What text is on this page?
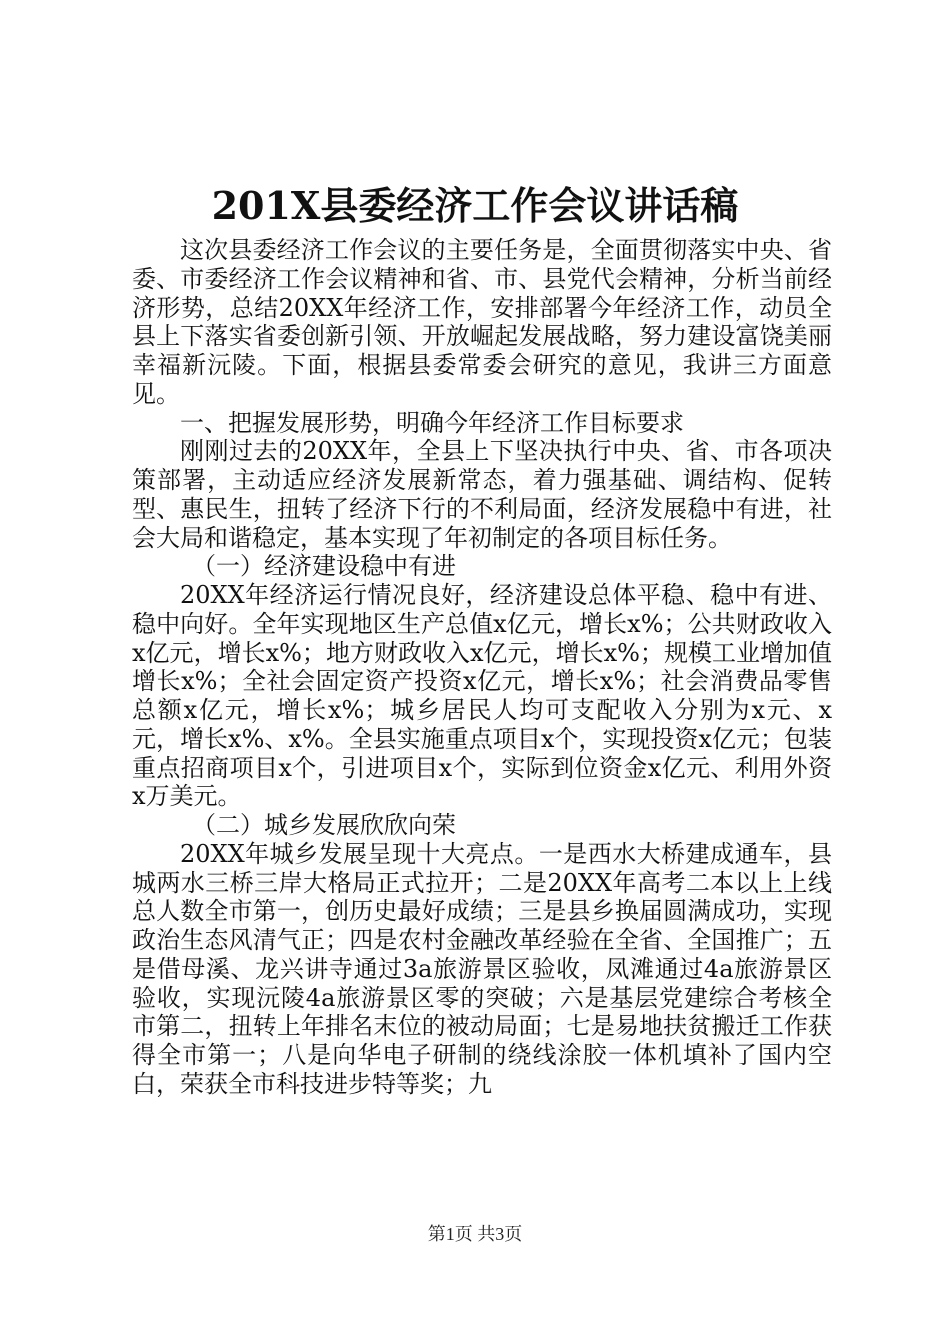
201X县委经济工作会议讲话稿

这次县委经济工作会议的主要任务是，全面贯彻落实中央、省委、市委经济工作会议精神和省、市、县党代会精神，分析当前经济形势，总结20XX年经济工作，安排部署今年经济工作，动员全县上下落实省委创新引领、开放崛起发展战略，努力建设富饶美丽幸福新沅陵。下面，根据县委常委会研究的意见，我讲三方面意见。

一、把握发展形势，明确今年经济工作目标要求

刚刚过去的20XX年，全县上下坚决执行中央、省、市各项决策部署，主动适应经济发展新常态，着力强基础、调结构、促转型、惠民生，扭转了经济下行的不利局面，经济发展稳中有进，社会大局和谐稳定，基本实现了年初制定的各项目标任务。

（一）经济建设稳中有进

20XX年经济运行情况良好，经济建设总体平稳、稳中有进、稳中向好。全年实现地区生产总值x亿元，增长x%；公共财政收入x亿元，增长x%；地方财政收入x亿元，增长x%；规模工业增加值增长x%；全社会固定资产投资x亿元，增长x%；社会消费品零售总额x亿元，增长x%；城乡居民人均可支配收入分别为x元、x元，增长x%、x%。全县实施重点项目x个，实现投资x亿元；包装重点招商项目x个，引进项目x个，实际到位资金x亿元、利用外资x万美元。

（二）城乡发展欣欣向荣

20XX年城乡发展呈现十大亮点。一是西水大桥建成通车，县城两水三桥三岸大格局正式拉开；二是20XX年高考二本以上上线总人数全市第一，创历史最好成绩；三是县乡换届圆满成功，实现政治生态风清气正；四是农村金融改革经验在全省、全国推广；五是借母溪、龙兴讲寺通过3a旅游景区验收，凤滩通过4a旅游景区验收，实现沅陵4a旅游景区零的突破；六是基层党建综合考核全市第二，扭转上年排名末位的被动局面；七是易地扶贫搬迁工作获得全市第一；八是向华电子研制的绕线涂胶一体机填补了国内空白，荣获全市科技进步特等奖；九

第1页 共3页
